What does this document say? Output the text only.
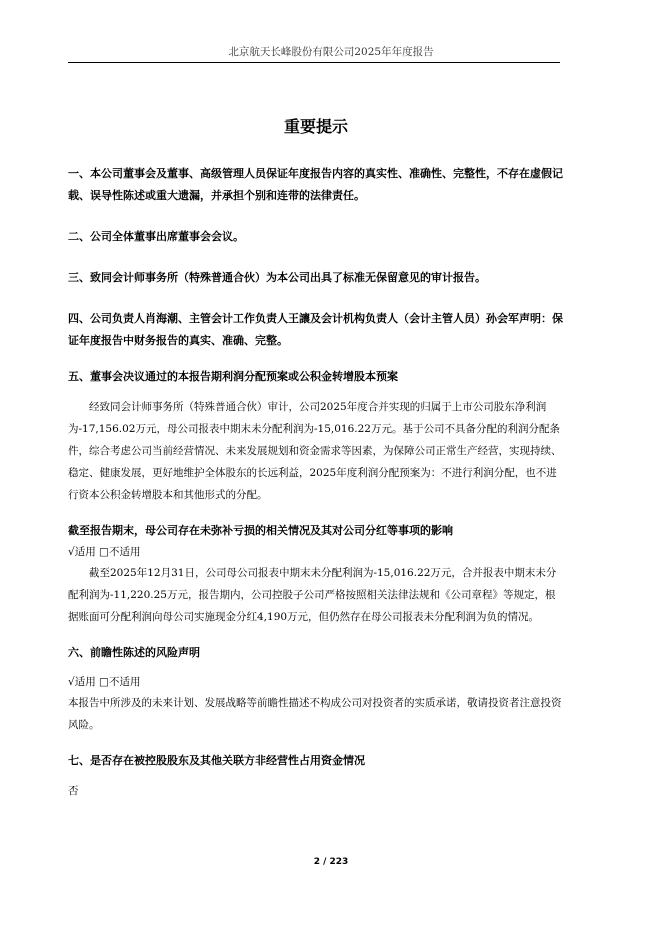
北京航天长峰股份有限公司2025年年度报告
重要提示

一、本公司董事会及董事、高级管理人员保证年度报告内容的真实性、准确性、完整性，不存在虚假记载、误导性陈述或重大遗漏，并承担个别和连带的法律责任。

二、公司全体董事出席董事会会议。

三、致同会计师事务所（特殊普通合伙）为本公司出具了标准无保留意见的审计报告。

四、公司负责人肖海潮、主管会计工作负责人王讓及会计机构负责人（会计主管人员）孙会军声明：保证年度报告中财务报告的真实、准确、完整。

五、董事会决议通过的本报告期利润分配预案或公积金转增股本预案

经致同会计师事务所（特殊普通合伙）审计，公司2025年度合并实现的归属于上市公司股东净利润为-17,156.02万元，母公司报表中期末未分配利润为-15,016.22万元。基于公司不具备分配的利润分配条件，综合考虑公司当前经营情况、未来发展规划和资金需求等因素，为保障公司正常生产经营，实现持续、稳定、健康发展，更好地维护全体股东的长远利益，2025年度利润分配预案为：不进行利润分配，也不进行资本公积金转增股本和其他形式的分配。

截至报告期末，母公司存在未弥补亏损的相关情况及其对公司分红等事项的影响

√适用 □不适用

截至2025年12月31日，公司母公司报表中期末未分配利润为-15,016.22万元，合并报表中期末未分配利润为-11,220.25万元，报告期内，公司控股子公司严格按照相关法律法规和《公司章程》等规定，根据账面可分配利润向母公司实施现金分红4,190万元，但仍然存在母公司报表未分配利润为负的情况。

六、前瞻性陈述的风险声明

√适用 □不适用

本报告中所涉及的未来计划、发展战略等前瞻性描述不构成公司对投资者的实质承诺，敬请投资者注意投资风险。

七、是否存在被控股股东及其他关联方非经营性占用资金情况

否

2 / 223
